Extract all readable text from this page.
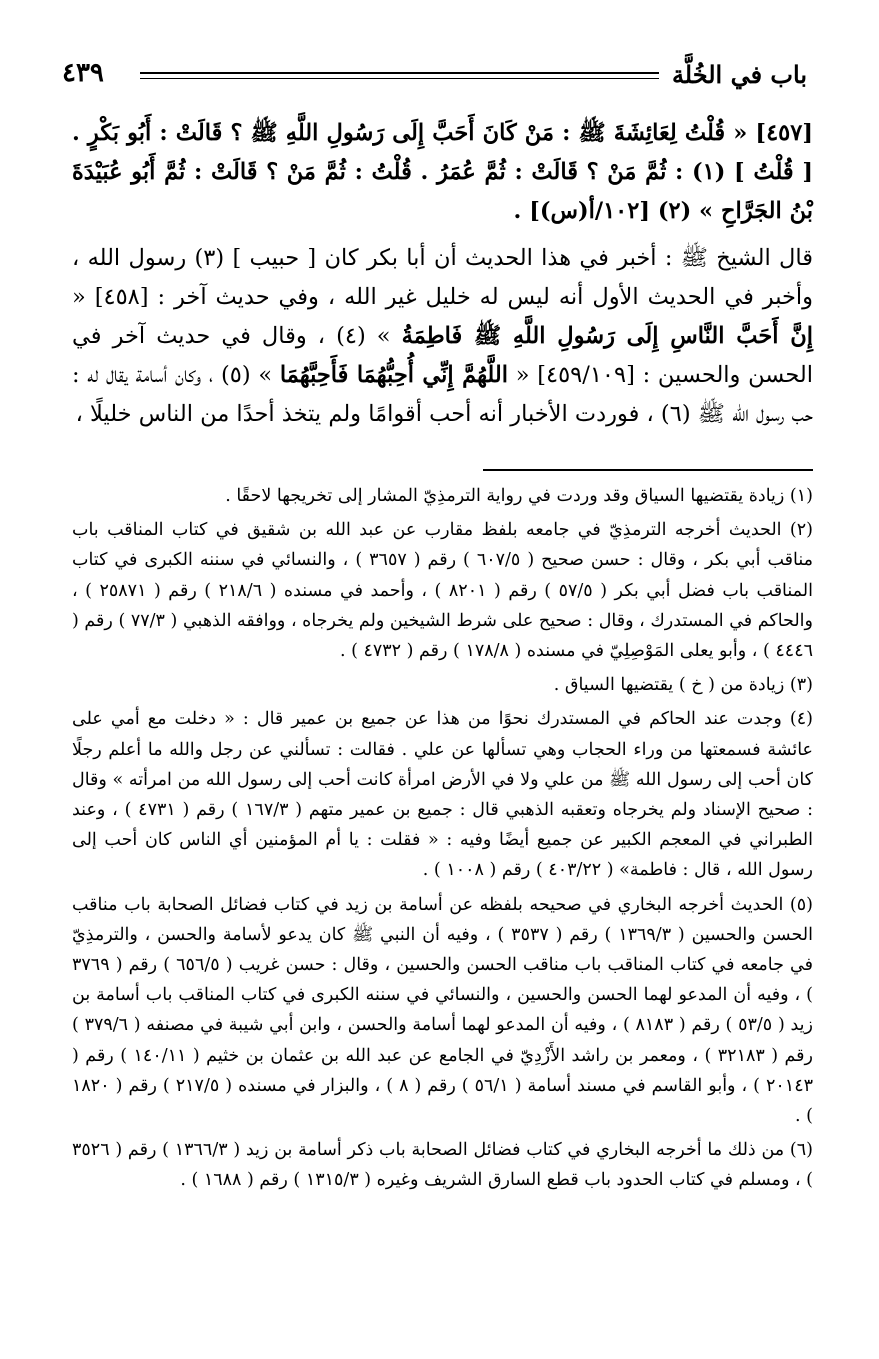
باب في الخُلَّة
٤٣٩

[٤٥٧] « قُلْتُ لِعَائِشَةَ ﷺ : مَنْ كَانَ أَحَبَّ إِلَى رَسُولِ اللَّهِ ﷺ ؟ قَالَتْ : أَبُو بَكْرٍ . [ قُلْتُ ] (١) : ثُمَّ مَنْ ؟ قَالَتْ : ثُمَّ عُمَرُ . قُلْتُ : ثُمَّ مَنْ ؟ قَالَتْ : ثُمَّ أَبُو عُبَيْدَةَ بْنُ الجَرَّاحِ » (٢) [١٠٢/أ(س)] .

قال الشيخ ﷺ : أخبر في هذا الحديث أن أبا بكر كان [ حبيب ] (٣) رسول الله ، وأخبر في الحديث الأول أنه ليس له خليل غير الله ، وفي حديث آخر : [٤٥٨] « إِنَّ أَحَبَّ النَّاسِ إِلَى رَسُولِ اللَّهِ ﷺ فَاطِمَةُ » (٤) ، وقال في حديث آخر في الحسن والحسين : [٤٥٩/١٠٩] « اللَّهُمَّ إِنِّي أُحِبُّهُمَا فَأَحِبَّهُمَا » (٥) ، وكان أسامة يقال له : حب رسول الله ﷺ (٦) ، فوردت الأخبار أنه أحب أقوامًا ولم يتخذ أحدًا من الناس خليلًا ،

(١) زيادة يقتضيها السياق وقد وردت في رواية الترمذِيّ المشار إلى تخريجها لاحقًا .

(٢) الحديث أخرجه الترمذِيّ في جامعه بلفظ مقارب عن عبد الله بن شقيق في كتاب المناقب باب مناقب أبي بكر ، وقال : حسن صحيح ( ٦٠٧/٥ ) رقم ( ٣٦٥٧ ) ، والنسائي في سننه الكبرى في كتاب المناقب باب فضل أبي بكر ( ٥٧/٥ ) رقم ( ٨٢٠١ ) ، وأحمد في مسنده ( ٢١٨/٦ ) رقم ( ٢٥٨٧١ ) ، والحاكم في المستدرك ، وقال : صحيح على شرط الشيخين ولم يخرجاه ، ووافقه الذهبي ( ٧٧/٣ ) رقم ( ٤٤٤٦ ) ، وأبو يعلى المَوْصِلِيّ في مسنده ( ١٧٨/٨ ) رقم ( ٤٧٣٢ ) .

(٣) زيادة من ( خ ) يقتضيها السياق .

(٤) وجدت عند الحاكم في المستدرك نحوًا من هذا عن جميع بن عمير قال : « دخلت مع أمي على عائشة فسمعتها من وراء الحجاب وهي تسألها عن علي . فقالت : تسألني عن رجل والله ما أعلم رجلًا كان أحب إلى رسول الله ﷺ من علي ولا في الأرض امرأة كانت أحب إلى رسول الله من امرأته » وقال : صحيح الإسناد ولم يخرجاه وتعقبه الذهبي قال : جميع بن عمير متهم ( ١٦٧/٣ ) رقم ( ٤٧٣١ ) ، وعند الطبراني في المعجم الكبير عن جميع أيضًا وفيه : « فقلت : يا أم المؤمنين أي الناس كان أحب إلى رسول الله ، قال : فاطمة» ( ٤٠٣/٢٢ ) رقم ( ١٠٠٨ ) .

(٥) الحديث أخرجه البخاري في صحيحه بلفظه عن أسامة بن زيد في كتاب فضائل الصحابة باب مناقب الحسن والحسين ( ١٣٦٩/٣ ) رقم ( ٣٥٣٧ ) ، وفيه أن النبي ﷺ كان يدعو لأسامة والحسن ، والترمذِيّ في جامعه في كتاب المناقب باب مناقب الحسن والحسين ، وقال : حسن غريب ( ٦٥٦/٥ ) رقم ( ٣٧٦٩ ) ، وفيه أن المدعو لهما الحسن والحسين ، والنسائي في سننه الكبرى في كتاب المناقب باب أسامة بن زيد ( ٥٣/٥ ) رقم ( ٨١٨٣ ) ، وفيه أن المدعو لهما أسامة والحسن ، وابن أبي شيبة في مصنفه ( ٣٧٩/٦ ) رقم ( ٣٢١٨٣ ) ، ومعمر بن راشد الأَزْدِيّ في الجامع عن عبد الله بن عثمان بن خثيم ( ١٤٠/١١ ) رقم ( ٢٠١٤٣ ) ، وأبو القاسم في مسند أسامة ( ٥٦/١ ) رقم ( ٨ ) ، والبزار في مسنده ( ٢١٧/٥ ) رقم ( ١٨٢٠ ) .

(٦) من ذلك ما أخرجه البخاري في كتاب فضائل الصحابة باب ذكر أسامة بن زيد ( ١٣٦٦/٣ ) رقم ( ٣٥٢٦ ) ، ومسلم في كتاب الحدود باب قطع السارق الشريف وغيره ( ١٣١٥/٣ ) رقم ( ١٦٨٨ ) .
